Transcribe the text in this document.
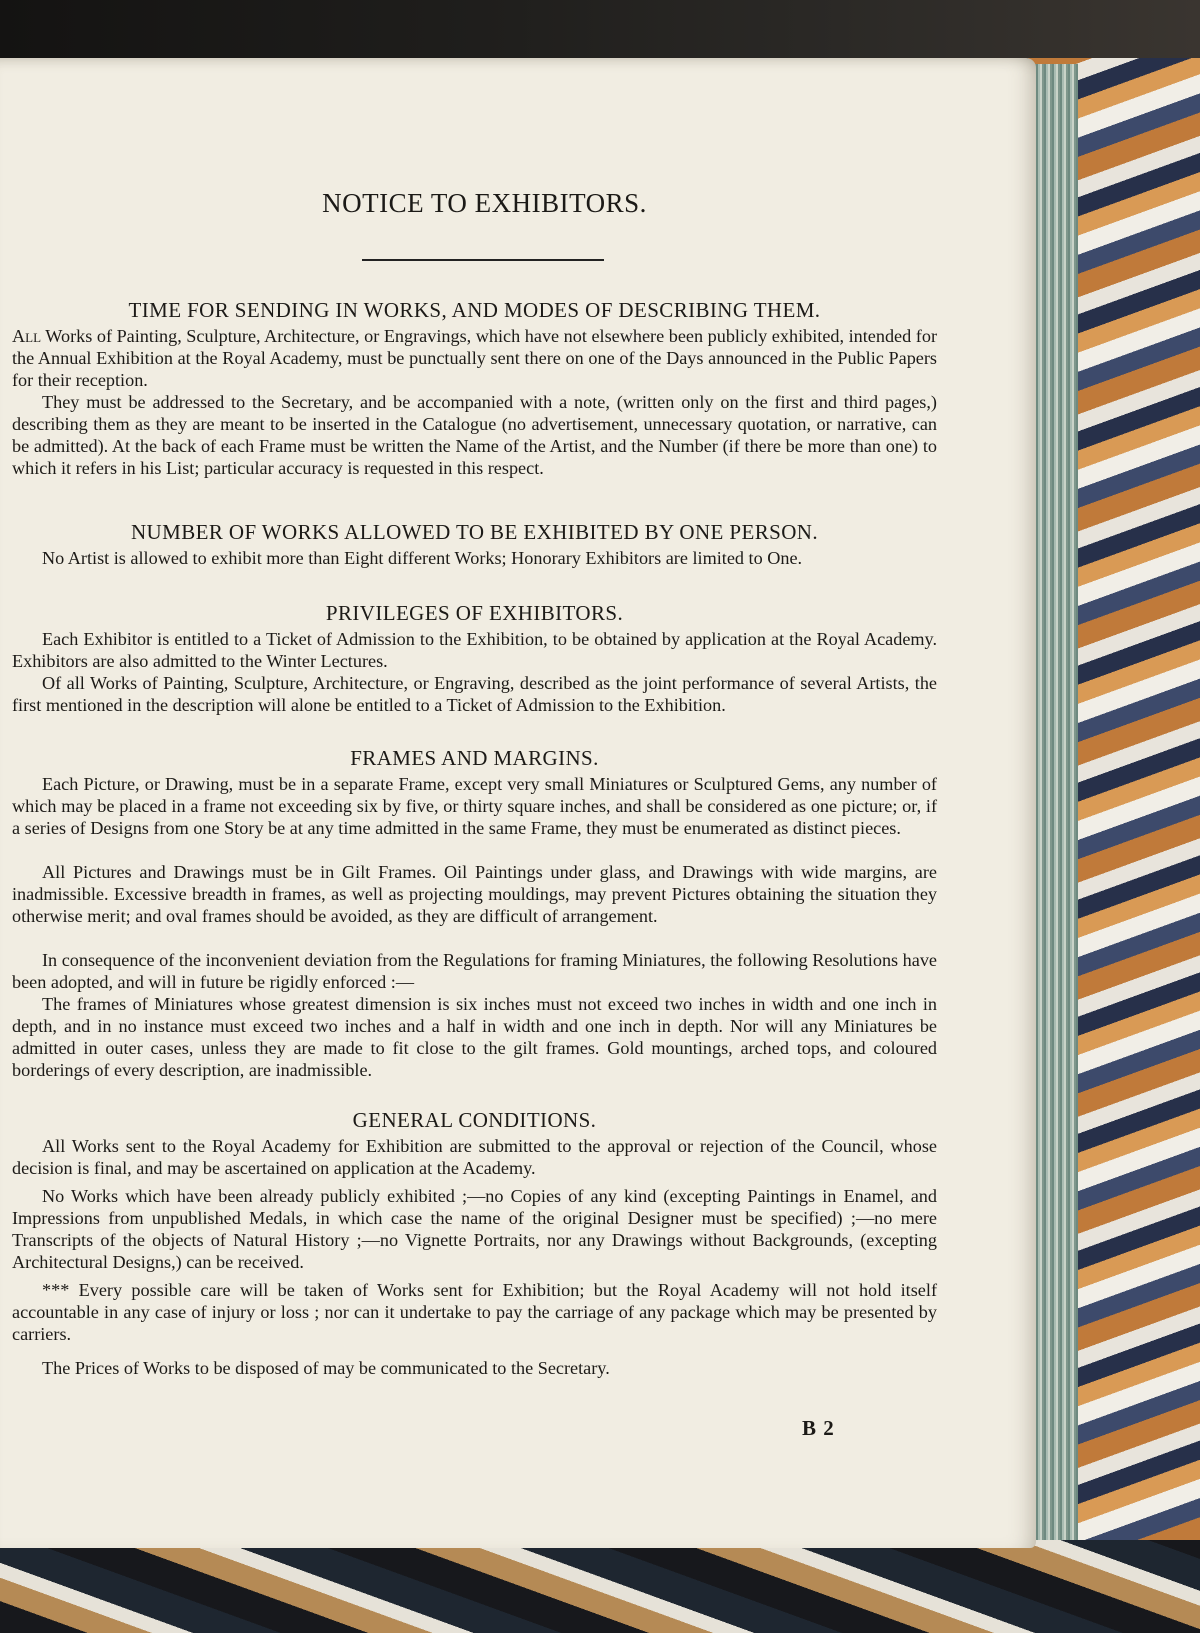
NOTICE TO EXHIBITORS.
TIME FOR SENDING IN WORKS, AND MODES OF DESCRIBING THEM.

All Works of Painting, Sculpture, Architecture, or Engravings, which have not elsewhere been publicly exhibited, intended for the Annual Exhibition at the Royal Academy, must be punctually sent there on one of the Days announced in the Public Papers for their reception.

They must be addressed to the Secretary, and be accompanied with a note, (written only on the first and third pages,) describing them as they are meant to be inserted in the Catalogue (no advertisement, unnecessary quotation, or narrative, can be admitted). At the back of each Frame must be written the Name of the Artist, and the Number (if there be more than one) to which it refers in his List; particular accuracy is requested in this respect.

NUMBER OF WORKS ALLOWED TO BE EXHIBITED BY ONE PERSON.

No Artist is allowed to exhibit more than Eight different Works; Honorary Exhibitors are limited to One.

PRIVILEGES OF EXHIBITORS.

Each Exhibitor is entitled to a Ticket of Admission to the Exhibition, to be obtained by application at the Royal Academy. Exhibitors are also admitted to the Winter Lectures.

Of all Works of Painting, Sculpture, Architecture, or Engraving, described as the joint performance of several Artists, the first mentioned in the description will alone be entitled to a Ticket of Admission to the Exhibition.

FRAMES AND MARGINS.

Each Picture, or Drawing, must be in a separate Frame, except very small Miniatures or Sculptured Gems, any number of which may be placed in a frame not exceeding six by five, or thirty square inches, and shall be considered as one picture; or, if a series of Designs from one Story be at any time admitted in the same Frame, they must be enumerated as distinct pieces.

All Pictures and Drawings must be in Gilt Frames. Oil Paintings under glass, and Drawings with wide margins, are inadmissible. Excessive breadth in frames, as well as projecting mouldings, may prevent Pictures obtaining the situation they otherwise merit; and oval frames should be avoided, as they are difficult of arrangement.

In consequence of the inconvenient deviation from the Regulations for framing Miniatures, the following Resolutions have been adopted, and will in future be rigidly enforced :—

The frames of Miniatures whose greatest dimension is six inches must not exceed two inches in width and one inch in depth, and in no instance must exceed two inches and a half in width and one inch in depth. Nor will any Miniatures be admitted in outer cases, unless they are made to fit close to the gilt frames. Gold mountings, arched tops, and coloured borderings of every description, are inadmissible.

GENERAL CONDITIONS.

All Works sent to the Royal Academy for Exhibition are submitted to the approval or rejection of the Council, whose decision is final, and may be ascertained on application at the Academy.

No Works which have been already publicly exhibited ;—no Copies of any kind (excepting Paintings in Enamel, and Impressions from unpublished Medals, in which case the name of the original Designer must be specified) ;—no mere Transcripts of the objects of Natural History ;—no Vignette Portraits, nor any Drawings without Backgrounds, (excepting Architectural Designs,) can be received.

*** Every possible care will be taken of Works sent for Exhibition; but the Royal Academy will not hold itself accountable in any case of injury or loss ; nor can it undertake to pay the carriage of any package which may be presented by carriers.

The Prices of Works to be disposed of may be communicated to the Secretary.

B 2
